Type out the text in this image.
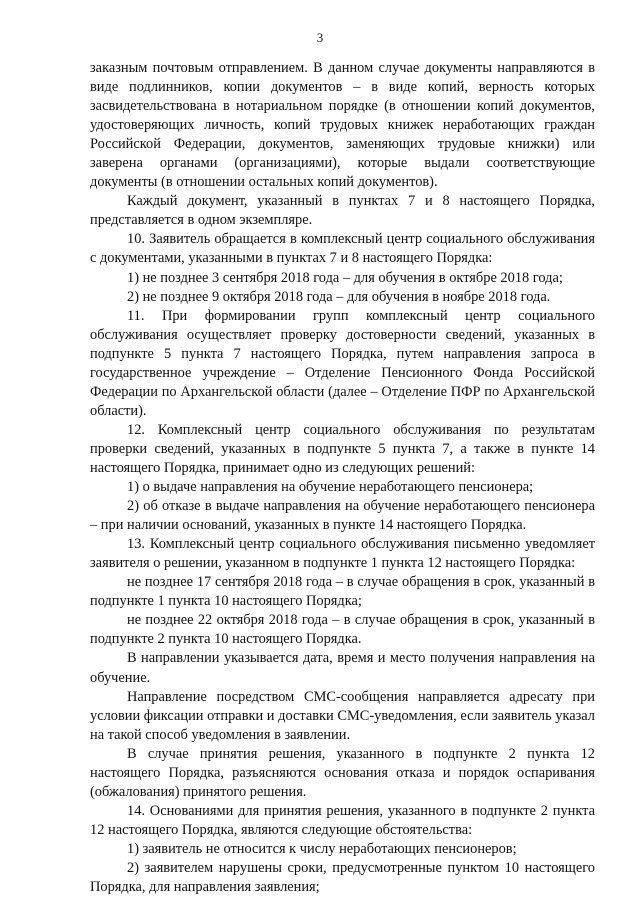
3

заказным почтовым отправлением. В данном случае документы направляются в виде подлинников, копии документов – в виде копий, верность которых засвидетельствована в нотариальном порядке (в отношении копий документов, удостоверяющих личность, копий трудовых книжек неработающих граждан Российской Федерации, документов, заменяющих трудовые книжки) или заверена органами (организациями), которые выдали соответствующие документы (в отношении остальных копий документов).

Каждый документ, указанный в пунктах 7 и 8 настоящего Порядка, представляется в одном экземпляре.

10. Заявитель обращается в комплексный центр социального обслуживания с документами, указанными в пунктах 7 и 8 настоящего Порядка:

1) не позднее 3 сентября 2018 года – для обучения в октябре 2018 года;

2) не позднее 9 октября 2018 года – для обучения в ноябре 2018 года.

11. При формировании групп комплексный центр социального обслуживания осуществляет проверку достоверности сведений, указанных в подпункте 5 пункта 7 настоящего Порядка, путем направления запроса в государственное учреждение – Отделение Пенсионного Фонда Российской Федерации по Архангельской области (далее – Отделение ПФР по Архангельской области).

12. Комплексный центр социального обслуживания по результатам проверки сведений, указанных в подпункте 5 пункта 7, а также в пункте 14 настоящего Порядка, принимает одно из следующих решений:

1) о выдаче направления на обучение неработающего пенсионера;

2) об отказе в выдаче направления на обучение неработающего пенсионера – при наличии оснований, указанных в пункте 14 настоящего Порядка.

13. Комплексный центр социального обслуживания письменно уведомляет заявителя о решении, указанном в подпункте 1 пункта 12 настоящего Порядка:

не позднее 17 сентября 2018 года – в случае обращения в срок, указанный в подпункте 1 пункта 10 настоящего Порядка;

не позднее 22 октября 2018 года – в случае обращения в срок, указанный в подпункте 2 пункта 10 настоящего Порядка.

В направлении указывается дата, время и место получения направления на обучение.

Направление посредством СМС-сообщения направляется адресату при условии фиксации отправки и доставки СМС-уведомления, если заявитель указал на такой способ уведомления в заявлении.

В случае принятия решения, указанного в подпункте 2 пункта 12 настоящего Порядка, разъясняются основания отказа и порядок оспаривания (обжалования) принятого решения.

14. Основаниями для принятия решения, указанного в подпункте 2 пункта 12 настоящего Порядка, являются следующие обстоятельства:

1) заявитель не относится к числу неработающих пенсионеров;

2) заявителем нарушены сроки, предусмотренные пунктом 10 настоящего Порядка, для направления заявления;
